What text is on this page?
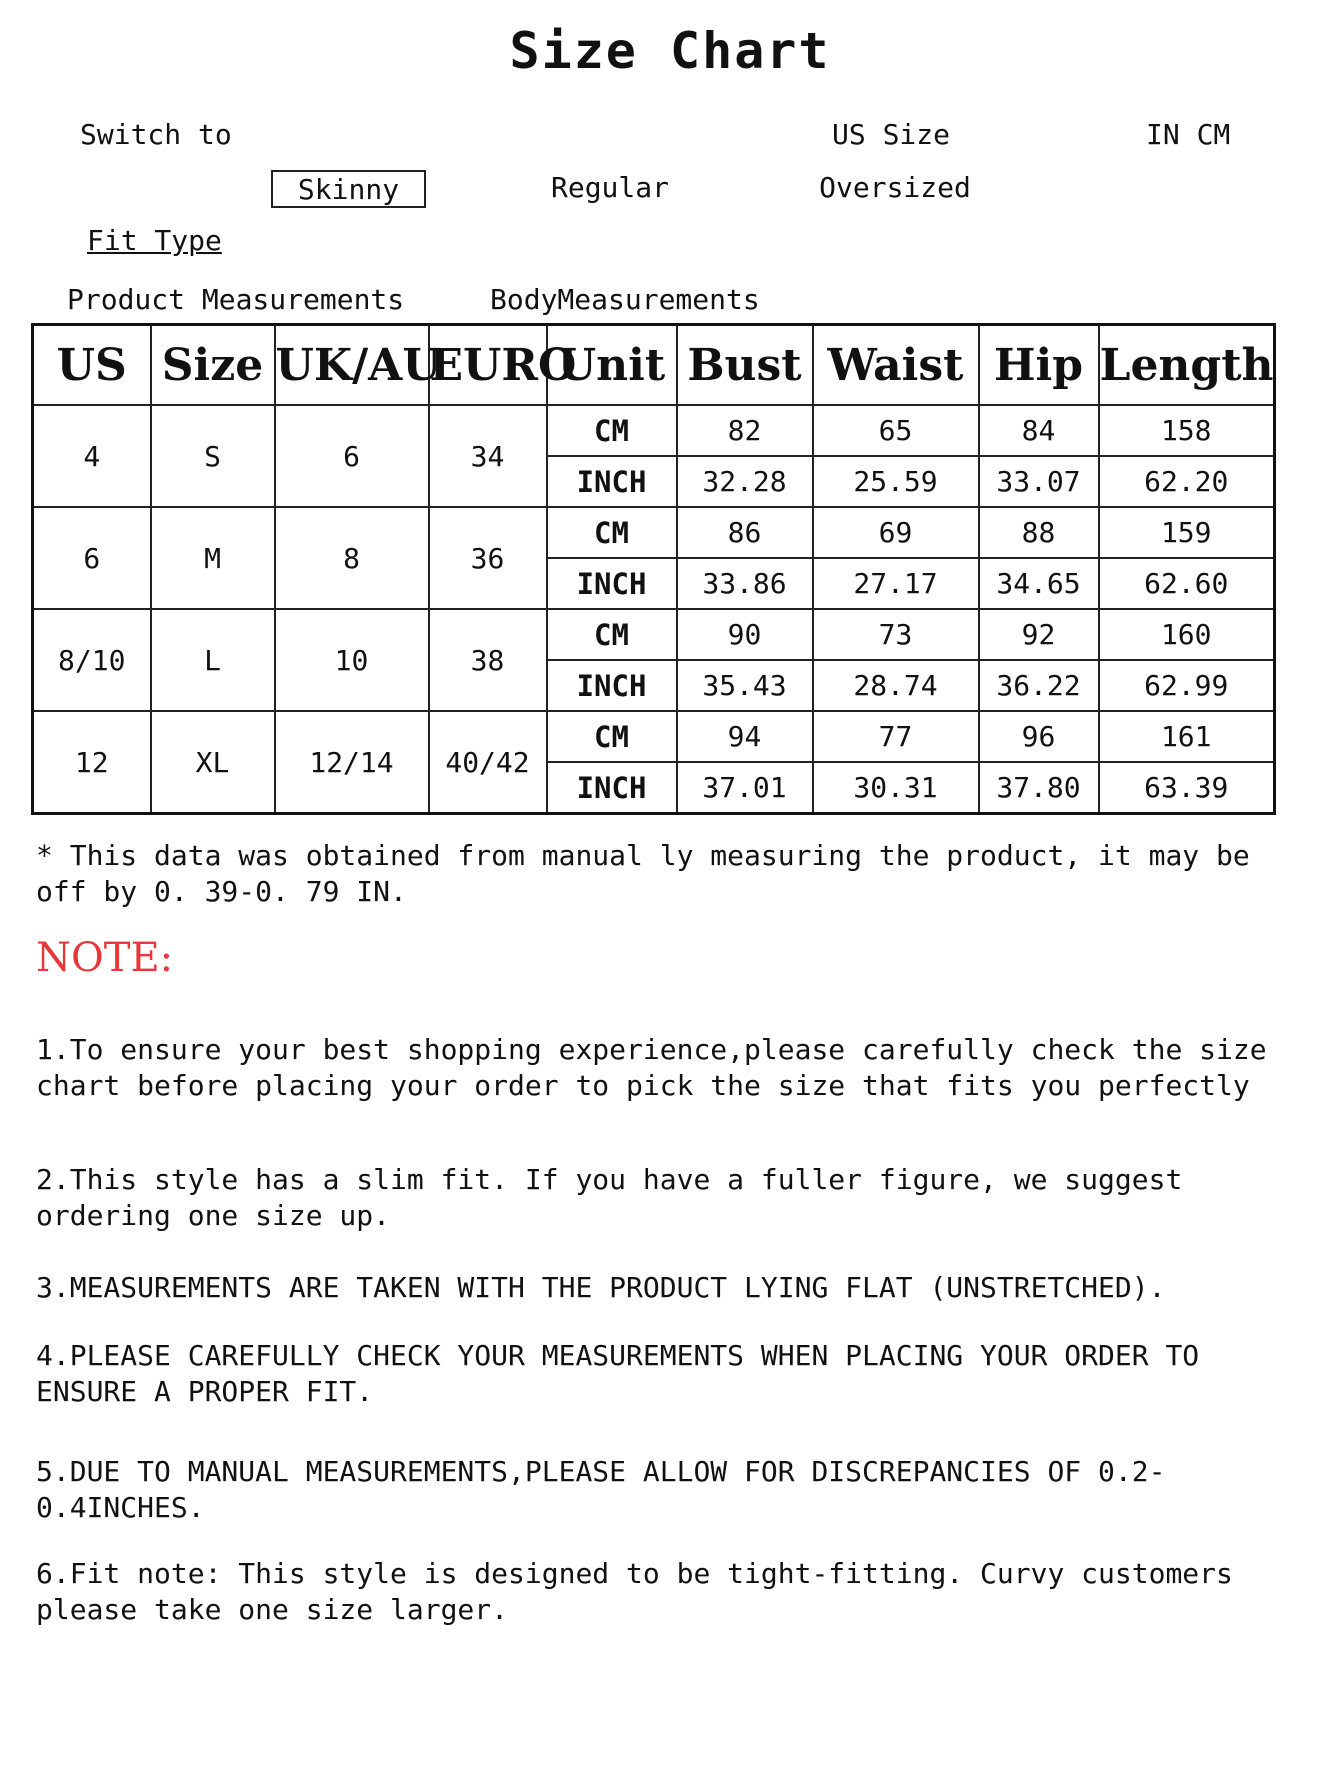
Size Chart
Switch to	US Size	IN CM
Skinny	Regular	Oversized
Fit Type
Product Measurements	BodyMeasurements
US	Size	UK/AU	EURO	Unit	Bust	Waist	Hip	Length
4	S	6	34	CM	82	65	84	158
				INCH	32.28	25.59	33.07	62.20
6	M	8	36	CM	86	69	88	159
				INCH	33.86	27.17	34.65	62.60
8/10	L	10	38	CM	90	73	92	160
				INCH	35.43	28.74	36.22	62.99
12	XL	12/14	40/42	CM	94	77	96	161
				INCH	37.01	30.31	37.80	63.39
* This data was obtained from manual ly measuring the product, it may be off by 0. 39-0. 79 IN.
NOTE:
1.To ensure your best shopping experience,please carefully check the size chart before placing your order to pick the size that fits you perfectly
2.This style has a slim fit. If you have a fuller figure, we suggest ordering one size up.
3.MEASUREMENTS ARE TAKEN WITH THE PRODUCT LYING FLAT (UNSTRETCHED).
4.PLEASE CAREFULLY CHECK YOUR MEASUREMENTS WHEN PLACING YOUR ORDER TO ENSURE A PROPER FIT.
5.DUE TO MANUAL MEASUREMENTS,PLEASE ALLOW FOR DISCREPANCIES OF 0.2-0.4INCHES.
6.Fit note: This style is designed to be tight-fitting. Curvy customers please take one size larger.
